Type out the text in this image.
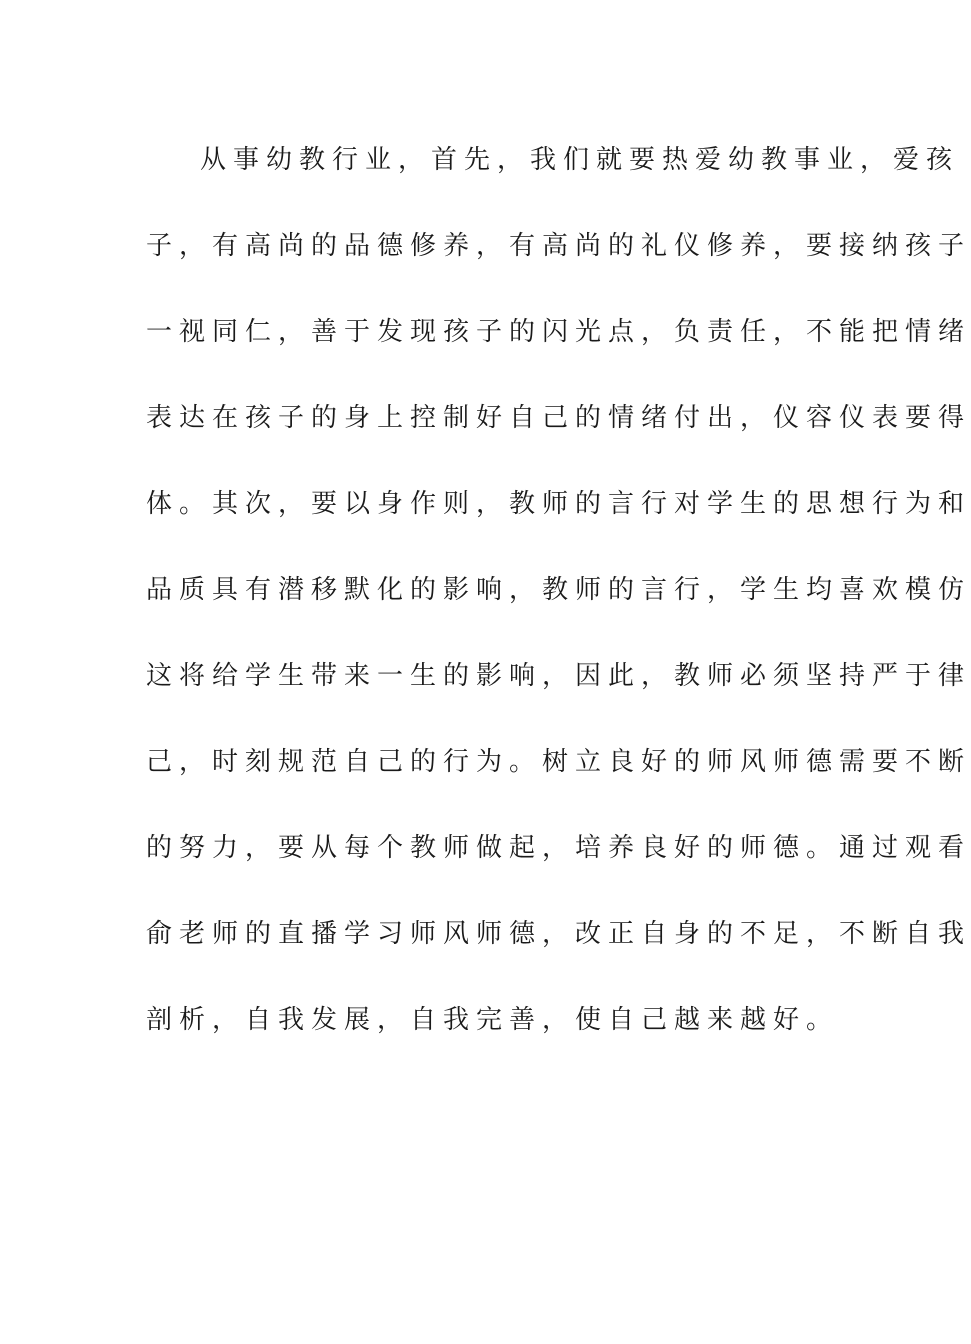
从事幼教行业，首先，我们就要热爱幼教事业，爱孩
子，有高尚的品德修养，有高尚的礼仪修养，要接纳孩子
一视同仁，善于发现孩子的闪光点，负责任，不能把情绪
表达在孩子的身上控制好自己的情绪付出，仪容仪表要得
体。其次，要以身作则，教师的言行对学生的思想行为和
品质具有潜移默化的影响，教师的言行，学生均喜欢模仿
这将给学生带来一生的影响，因此，教师必须坚持严于律
己，时刻规范自己的行为。树立良好的师风师德需要不断
的努力，要从每个教师做起，培养良好的师德。通过观看
俞老师的直播学习师风师德，改正自身的不足，不断自我
剖析，自我发展，自我完善，使自己越来越好。
